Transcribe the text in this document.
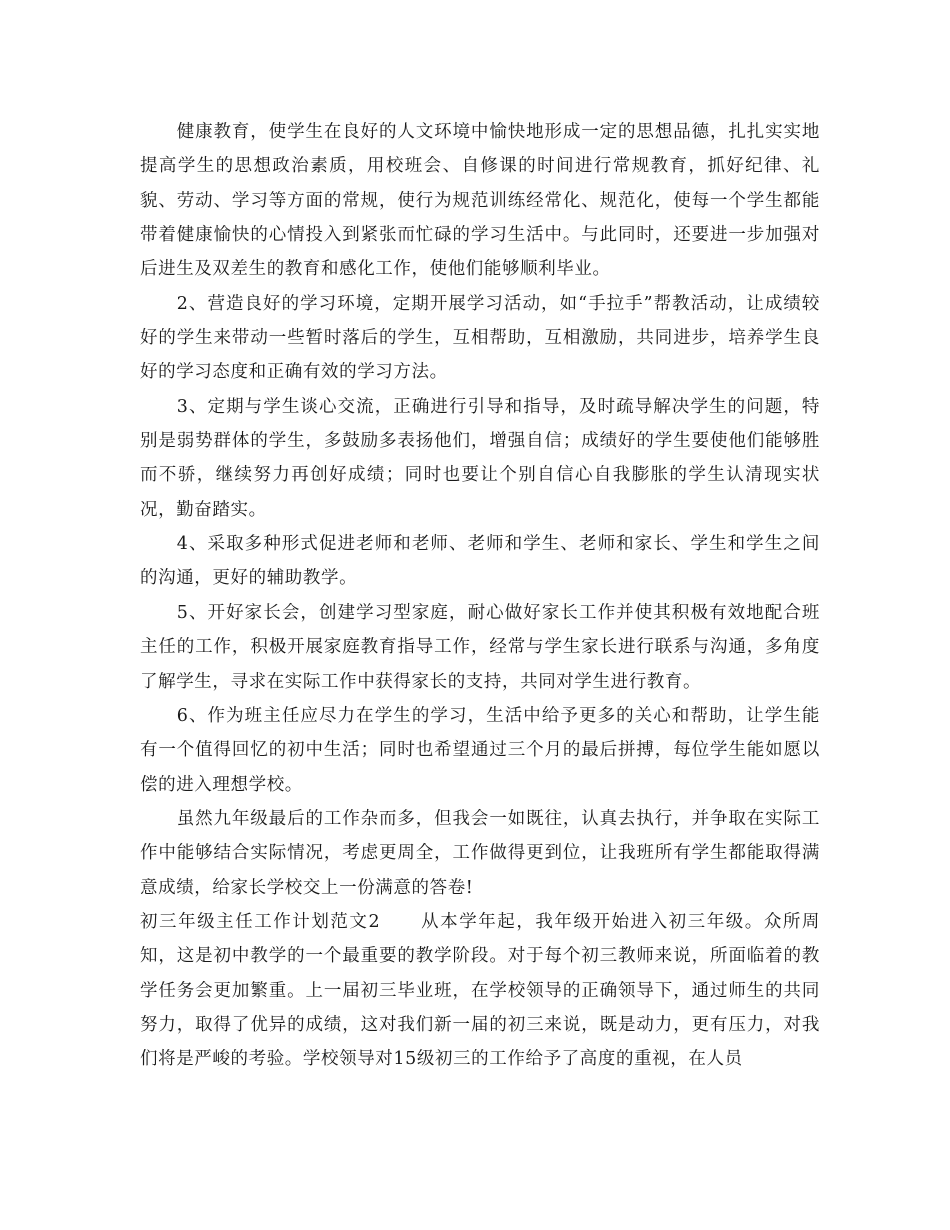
健康教育，使学生在良好的人文环境中愉快地形成一定的思想品德，扎扎实实地提高学生的思想政治素质，用校班会、自修课的时间进行常规教育，抓好纪律、礼貌、劳动、学习等方面的常规，使行为规范训练经常化、规范化，使每一个学生都能带着健康愉快的心情投入到紧张而忙碌的学习生活中。与此同时，还要进一步加强对后进生及双差生的教育和感化工作，使他们能够顺利毕业。

2、营造良好的学习环境，定期开展学习活动，如“手拉手”帮教活动，让成绩较好的学生来带动一些暂时落后的学生，互相帮助，互相激励，共同进步，培养学生良好的学习态度和正确有效的学习方法。

3、定期与学生谈心交流，正确进行引导和指导，及时疏导解决学生的问题，特别是弱势群体的学生，多鼓励多表扬他们，增强自信；成绩好的学生要使他们能够胜而不骄，继续努力再创好成绩；同时也要让个别自信心自我膨胀的学生认清现实状况，勤奋踏实。

4、采取多种形式促进老师和老师、老师和学生、老师和家长、学生和学生之间的沟通，更好的辅助教学。

5、开好家长会，创建学习型家庭，耐心做好家长工作并使其积极有效地配合班主任的工作，积极开展家庭教育指导工作，经常与学生家长进行联系与沟通，多角度了解学生，寻求在实际工作中获得家长的支持，共同对学生进行教育。

6、作为班主任应尽力在学生的学习，生活中给予更多的关心和帮助，让学生能有一个值得回忆的初中生活；同时也希望通过三个月的最后拼搏，每位学生能如愿以偿的进入理想学校。

虽然九年级最后的工作杂而多，但我会一如既往，认真去执行，并争取在实际工作中能够结合实际情况，考虑更周全，工作做得更到位，让我班所有学生都能取得满意成绩，给家长学校交上一份满意的答卷!

初三年级主任工作计划范文2 从本学年起，我年级开始进入初三年级。众所周知，这是初中教学的一个最重要的教学阶段。对于每个初三教师来说，所面临着的教学任务会更加繁重。上一届初三毕业班，在学校领导的正确领导下，通过师生的共同努力，取得了优异的成绩，这对我们新一届的初三来说，既是动力，更有压力，对我们将是严峻的考验。学校领导对15级初三的工作给予了高度的重视，在人员
